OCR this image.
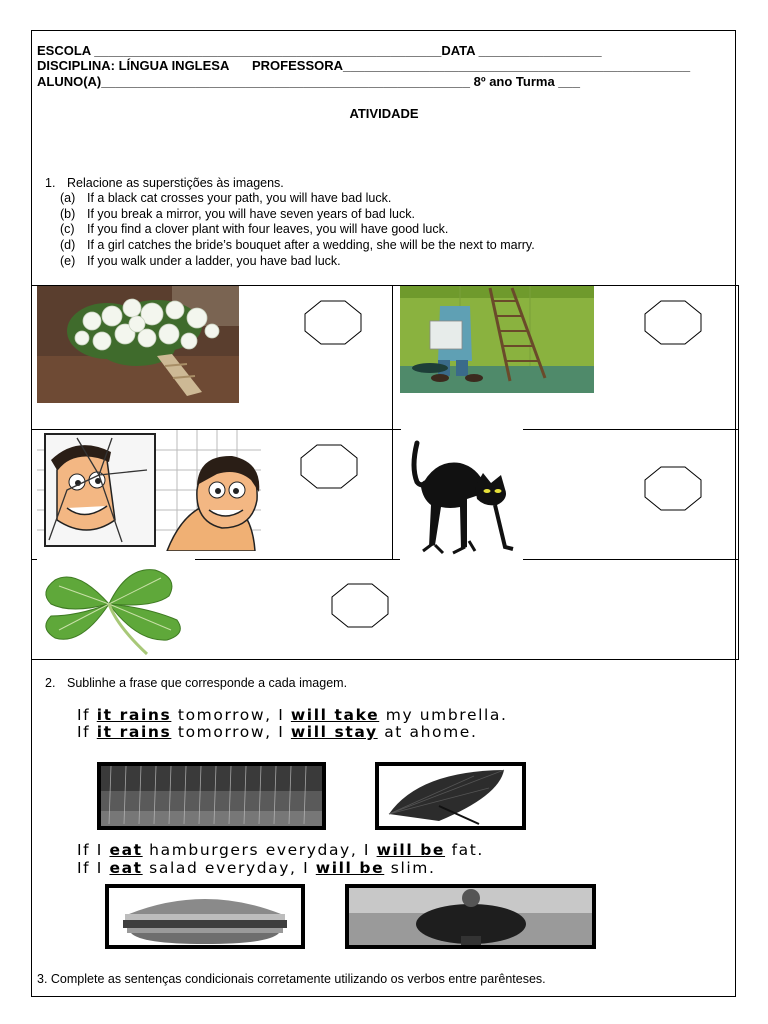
ESCOLA ________________________________________________DATA _________________
DISCIPLINA: LÍNGUA INGLESA PROFESSORA________________________________________________
ALUNO(A)___________________________________________________ 8º ano Turma ___
ATIVIDADE
1. Relacione as superstições às imagens.
(a) If a black cat crosses your path, you will have bad luck.
(b) If you break a mirror, you will have seven years of bad luck.
(c) If you find a clover plant with four leaves, you will have good luck.
(d) If a girl catches the bride’s bouquet after a wedding, she will be the next to marry.
(e) If you walk under a ladder, you have bad luck.
2. Sublinhe a frase que corresponde a cada imagem.
If it rains tomorrow, I will take my umbrella.
If it rains tomorrow, I will stay at ahome.
If I eat hamburgers everyday, I will be fat.
If I eat salad everyday, I will be slim.
3. Complete as sentenças condicionais corretamente utilizando os verbos entre parênteses.
